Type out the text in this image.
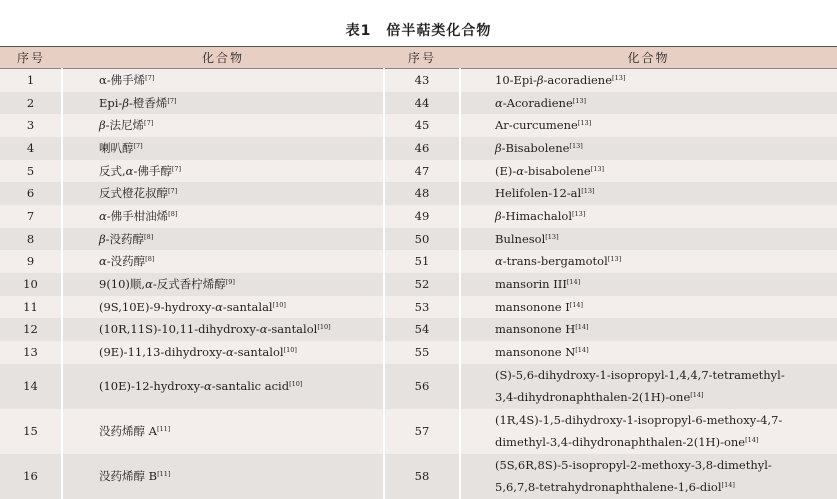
表1　倍半萜类化合物
序号	化合物	序号	化合物
1	α-佛手烯[7]	43	10-Epi-β-acoradiene[13]
2	Epi-β-橙香烯[7]	44	α-Acoradiene[13]
3	β-法尼烯[7]	45	Ar-curcumene[13]
4	喇叭醇[7]	46	β-Bisabolene[13]
5	反式,α-佛手醇[7]	47	(E)-α-bisabolene[13]
6	反式橙花叔醇[7]	48	Helifolen-12-al[13]
7	α-佛手柑油烯[8]	49	β-Himachalol[13]
8	β-没药醇[8]	50	Bulnesol[13]
9	α-没药醇[8]	51	α-trans-bergamotol[13]
10	9(10)顺,α-反式香柠烯醇[9]	52	mansorin III[14]
11	(9S,10E)-9-hydroxy-α-santalal[10]	53	mansonone I[14]
12	(10R,11S)-10,11-dihydroxy-α-santalol[10]	54	mansonone H[14]
13	(9E)-11,13-dihydroxy-α-santalol[10]	55	mansonone N[14]
14	(10E)-12-hydroxy-α-santalic acid[10]	56	(S)-5,6-dihydroxy-1-isopropyl-1,4,4,7-tetramethyl-
3,4-dihydronaphthalen-2(1H)-one[14]

15	没药烯醇 A[11]	57	(1R,4S)-1,5-dihydroxy-1-isopropyl-6-methoxy-4,7-
dimethyl-3,4-dihydronaphthalen-2(1H)-one[14]

16	没药烯醇 B[11]	58	(5S,6R,8S)-5-isopropyl-2-methoxy-3,8-dimethyl-
5,6,7,8-tetrahydronaphthalene-1,6-diol[14]
